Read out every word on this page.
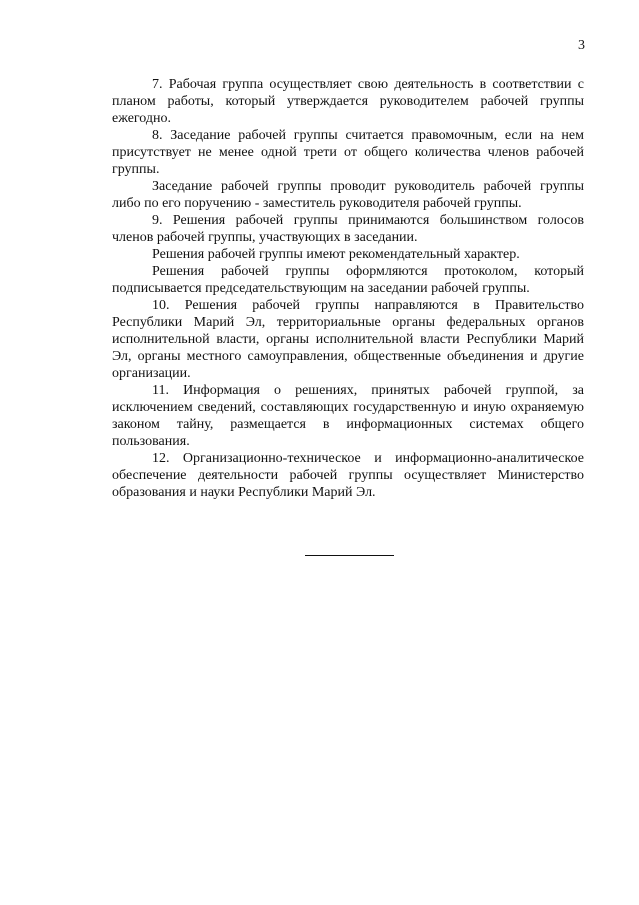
3

7. Рабочая группа осуществляет свою деятельность в соответствии с планом работы, который утверждается руководителем рабочей группы ежегодно.

8. Заседание рабочей группы считается правомочным, если на нем присутствует не менее одной трети от общего количества членов рабочей группы.

Заседание рабочей группы проводит руководитель рабочей группы либо по его поручению - заместитель руководителя рабочей группы.

9. Решения рабочей группы принимаются большинством голосов членов рабочей группы, участвующих в заседании.

Решения рабочей группы имеют рекомендательный характер.

Решения рабочей группы оформляются протоколом, который подписывается председательствующим на заседании рабочей группы.

10. Решения рабочей группы направляются в Правительство Республики Марий Эл, территориальные органы федеральных органов исполнительной власти, органы исполнительной власти Республики Марий Эл, органы местного самоуправления, общественные объединения и другие организации.

11. Информация о решениях, принятых рабочей группой, за исключением сведений, составляющих государственную и иную охраняемую законом тайну, размещается в информационных системах общего пользования.

12. Организационно-техническое и информационно-аналитическое обеспечение деятельности рабочей группы осуществляет Министерство образования и науки Республики Марий Эл.
